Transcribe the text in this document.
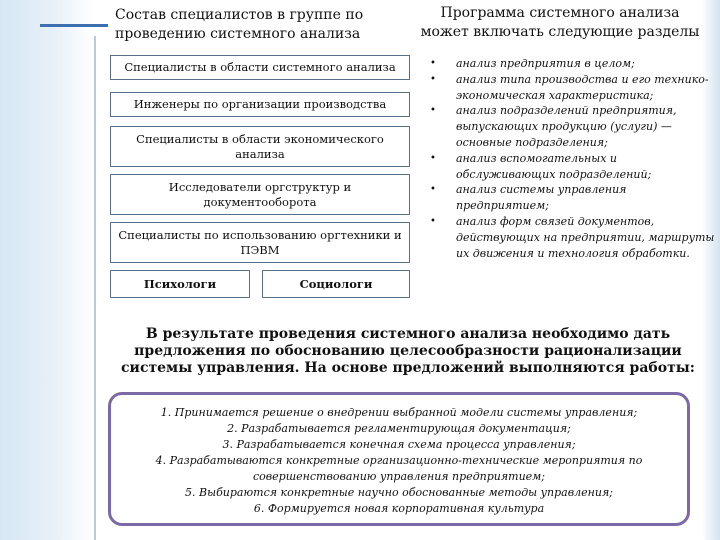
Состав специалистов в группе по проведению системного анализа
Программа системного анализа может включать следующие разделы
Специалисты в области системного анализа
Инженеры по организации производства
Специалисты в области экономического анализа
Исследователи оргструктур и документооборота
Специалисты по использованию оргтехники и ПЭВМ
Психологи	Социологи
• анализ предприятия в целом;
• анализ типа производства и его технико-экономическая характеристика;
• анализ подразделений предприятия, выпускающих продукцию (услуги) — основные подразделения;
• анализ вспомогательных и обслуживающих подразделений;
• анализ системы управления предприятием;
• анализ форм связей документов, действующих на предприятии, маршруты их движения и технология обработки.
В результате проведения системного анализа необходимо дать предложения по обоснованию целесообразности рационализации системы управления. На основе предложений выполняются работы:
1. Принимается решение о внедрении выбранной модели системы управления;
2. Разрабатывается регламентирующая документация;
3. Разрабатывается конечная схема процесса управления;
4. Разрабатываются конкретные организационно-технические мероприятия по совершенствованию управления предприятием;
5. Выбираются конкретные научно обоснованные методы управления;
6. Формируется новая корпоративная культура
